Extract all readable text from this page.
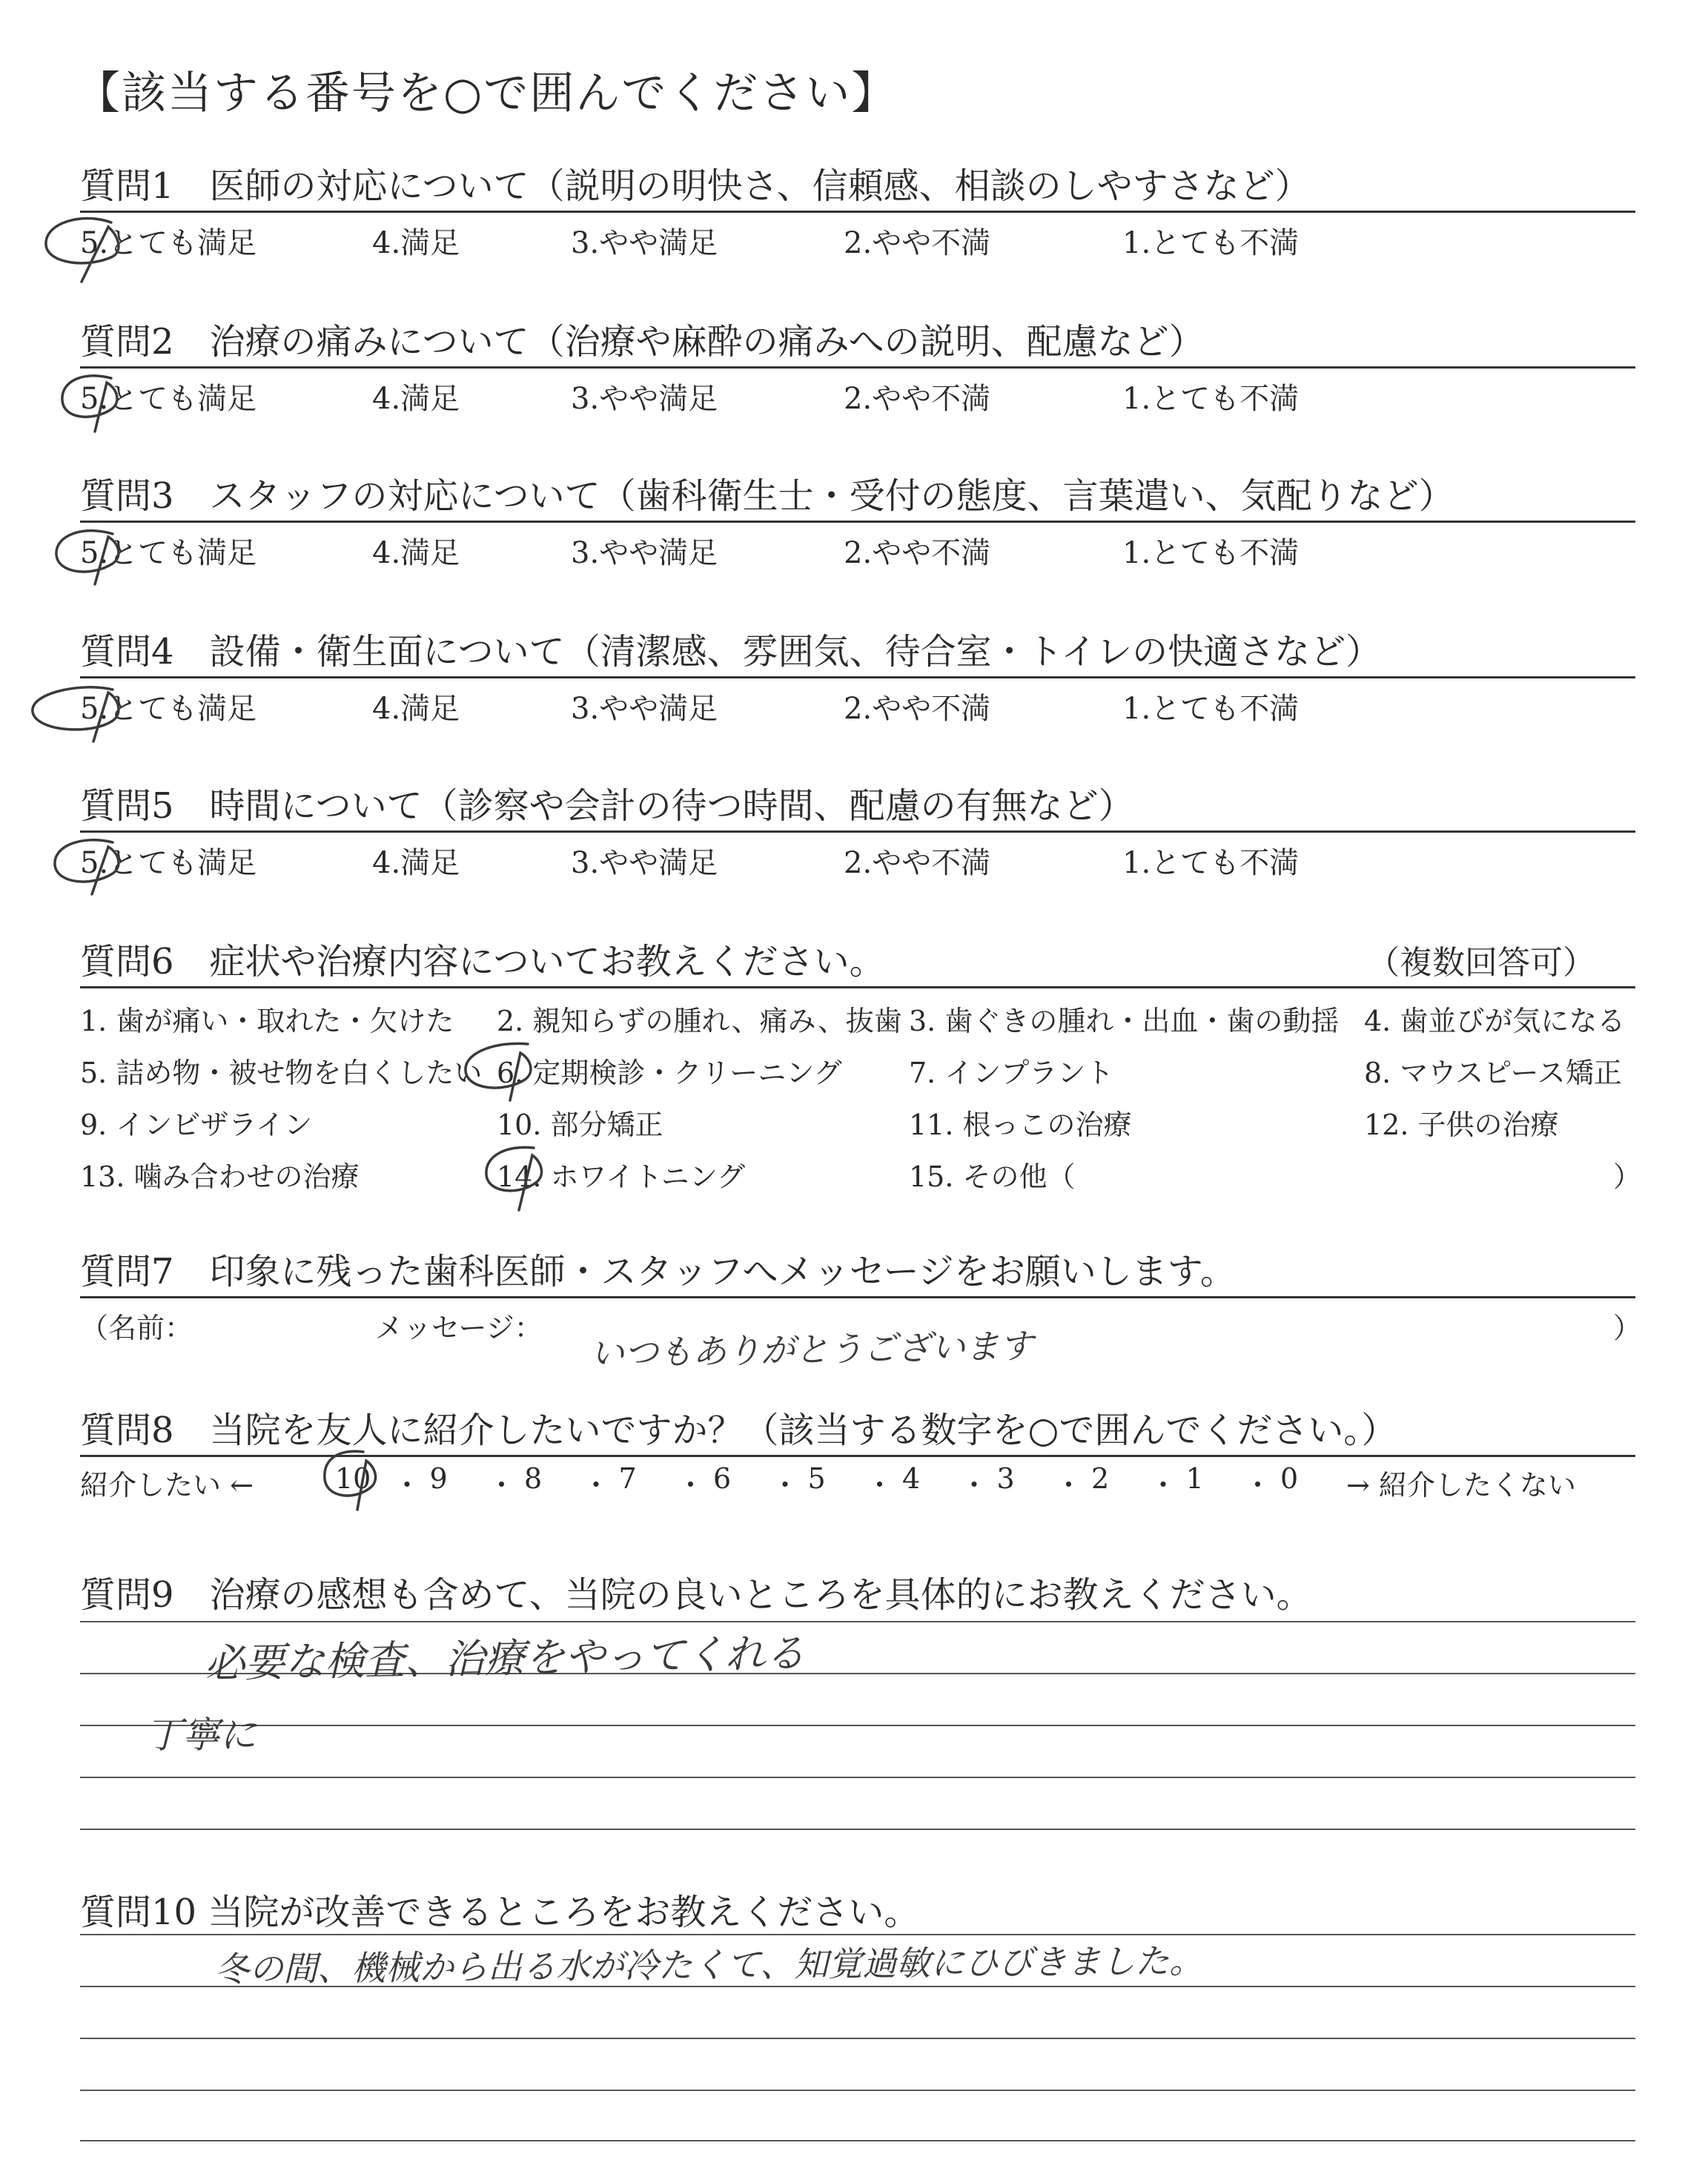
【該当する番号を○で囲んでください】
質問1　医師の対応について（説明の明快さ、信頼感、相談のしやすさなど）
5.とても満足	4.満足	3.やや満足	2.やや不満	1.とても不満
質問2　治療の痛みについて（治療や麻酔の痛みへの説明、配慮など）
5.とても満足	4.満足	3.やや満足	2.やや不満	1.とても不満
質問3　スタッフの対応について（歯科衛生士・受付の態度、言葉遣い、気配りなど）
5.とても満足	4.満足	3.やや満足	2.やや不満	1.とても不満
質問4　設備・衛生面について（清潔感、雰囲気、待合室・トイレの快適さなど）
5.とても満足	4.満足	3.やや満足	2.やや不満	1.とても不満
質問5　時間について（診察や会計の待つ時間、配慮の有無など）
5.とても満足	4.満足	3.やや満足	2.やや不満	1.とても不満
質問6　症状や治療内容についてお教えください。	（複数回答可）
1. 歯が痛い・取れた・欠けた 2. 親知らずの腫れ、痛み、抜歯 3. 歯ぐきの腫れ・出血・歯の動揺 4. 歯並びが気になる
5. 詰め物・被せ物を白くしたい 6. 定期検診・クリーニング 7. インプラント	8. マウスピース矯正
9. インビザライン	10. 部分矯正	11. 根っこの治療	12. 子供の治療
13. 噛み合わせの治療	14. ホワイトニング	15. その他（	）
質問7　印象に残った歯科医師・スタッフへメッセージをお願いします。
（名前：	メッセージ： いつもありがとうございます	）
質問8　当院を友人に紹介したいですか？（該当する数字を○で囲んでください。）
紹介したい ←	10 ・ 9 ・ 8 ・ 7 ・ 6 ・ 5 ・ 4 ・ 3 ・ 2 ・ 1 ・ 0 → 紹介したくない
質問9　治療の感想も含めて、当院の良いところを具体的にお教えください。
必要な検査、治療をやってくれる
丁寧に
質問10 当院が改善できるところをお教えください。
冬の間、機械から出る水が冷たくて、知覚過敏にひびきました。
